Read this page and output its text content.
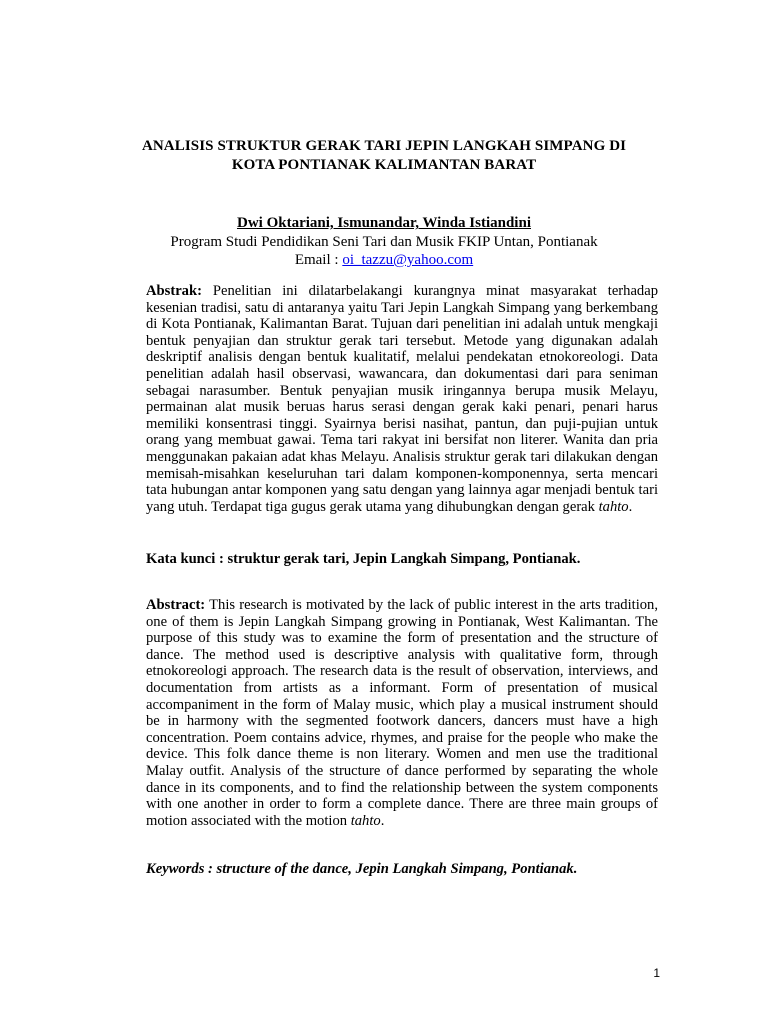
ANALISIS STRUKTUR GERAK TARI JEPIN LANGKAH SIMPANG DI
KOTA PONTIANAK KALIMANTAN BARAT
Dwi Oktariani, Ismunandar, Winda Istiandini
Program Studi Pendidikan Seni Tari dan Musik FKIP Untan, Pontianak
Email : oi_tazzu@yahoo.com
Abstrak: Penelitian ini dilatarbelakangi kurangnya minat masyarakat terhadap kesenian tradisi, satu di antaranya yaitu Tari Jepin Langkah Simpang yang berkembang di Kota Pontianak, Kalimantan Barat. Tujuan dari penelitian ini adalah untuk mengkaji bentuk penyajian dan struktur gerak tari tersebut. Metode yang digunakan adalah deskriptif analisis dengan bentuk kualitatif, melalui pendekatan etnokoreologi. Data penelitian adalah hasil observasi, wawancara, dan dokumentasi dari para seniman sebagai narasumber. Bentuk penyajian musik iringannya berupa musik Melayu, permainan alat musik beruas harus serasi dengan gerak kaki penari, penari harus memiliki konsentrasi tinggi. Syairnya berisi nasihat, pantun, dan puji-pujian untuk orang yang membuat gawai. Tema tari rakyat ini bersifat non literer. Wanita dan pria menggunakan pakaian adat khas Melayu. Analisis struktur gerak tari dilakukan dengan memisah-misahkan keseluruhan tari dalam komponen-komponennya, serta mencari tata hubungan antar komponen yang satu dengan yang lainnya agar menjadi bentuk tari yang utuh. Terdapat tiga gugus gerak utama yang dihubungkan dengan gerak tahto.
Kata kunci : struktur gerak tari, Jepin Langkah Simpang, Pontianak.
Abstract: This research is motivated by the lack of public interest in the arts tradition, one of them is Jepin Langkah Simpang growing in Pontianak, West Kalimantan. The purpose of this study was to examine the form of presentation and the structure of dance. The method used is descriptive analysis with qualitative form, through etnokoreologi approach. The research data is the result of observation, interviews, and documentation from artists as a informant. Form of presentation of musical accompaniment in the form of Malay music, which play a musical instrument should be in harmony with the segmented footwork dancers, dancers must have a high concentration. Poem contains advice, rhymes, and praise for the people who make the device. This folk dance theme is non literary. Women and men use the traditional Malay outfit. Analysis of the structure of dance performed by separating the whole dance in its components, and to find the relationship between the system components with one another in order to form a complete dance. There are three main groups of motion associated with the motion tahto.
Keywords : structure of the dance, Jepin Langkah Simpang, Pontianak.
1
